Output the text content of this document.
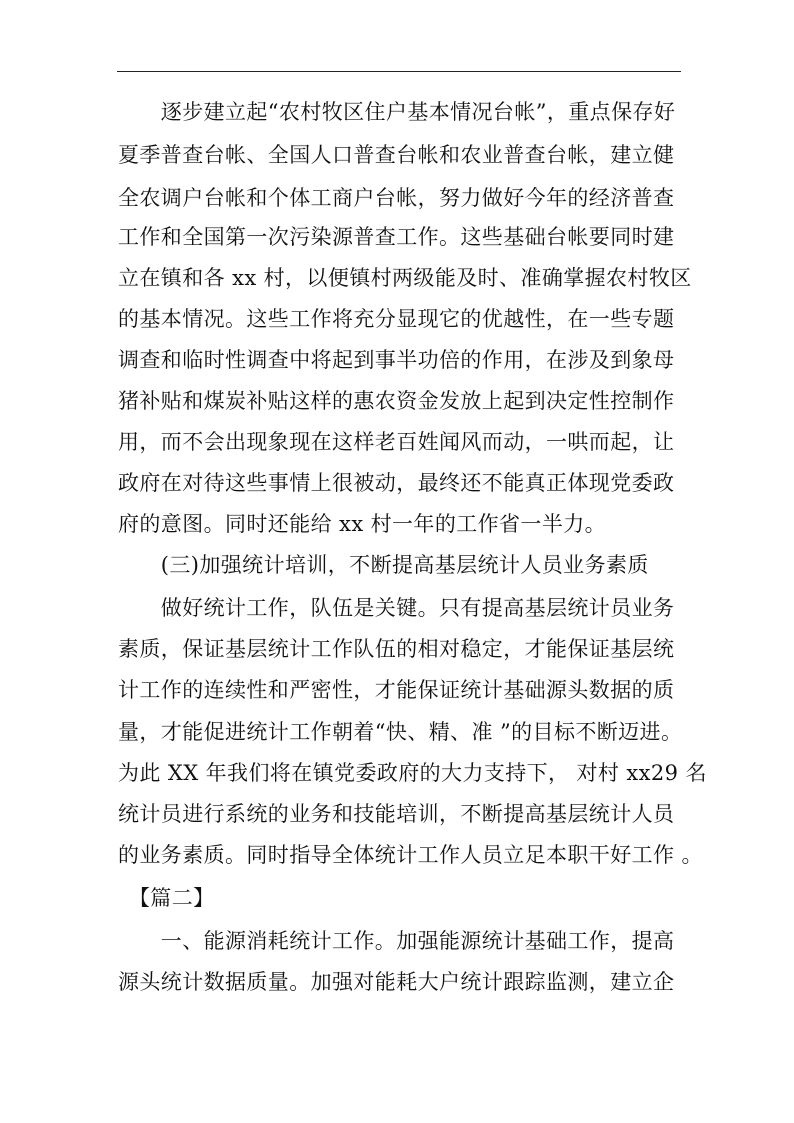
　　逐步建立起“农村牧区住户基本情况台帐”，重点保存好
夏季普查台帐、全国人口普查台帐和农业普查台帐，建立健
全农调户台帐和个体工商户台帐，努力做好今年的经济普查
工作和全国第一次污染源普查工作。这些基础台帐要同时建
立在镇和各 xx 村，以便镇村两级能及时、准确掌握农村牧区
的基本情况。这些工作将充分显现它的优越性，在一些专题
调查和临时性调查中将起到事半功倍的作用，在涉及到象母
猪补贴和煤炭补贴这样的惠农资金发放上起到决定性控制作
用，而不会出现象现在这样老百姓闻风而动，一哄而起，让
政府在对待这些事情上很被动，最终还不能真正体现党委政
府的意图。同时还能给 xx 村一年的工作省一半力。
　　(三)加强统计培训，不断提高基层统计人员业务素质
　　做好统计工作，队伍是关键。只有提高基层统计员业务
素质，保证基层统计工作队伍的相对稳定，才能保证基层统
计工作的连续性和严密性，才能保证统计基础源头数据的质
量，才能促进统计工作朝着“快、精、准 ”的目标不断迈进。
为此 XX 年我们将在镇党委政府的大力支持下， 对村 xx29 名
统计员进行系统的业务和技能培训，不断提高基层统计人员
的业务素质。同时指导全体统计工作人员立足本职干好工作 。
　【篇二】
　　一、能源消耗统计工作。加强能源统计基础工作，提高
源头统计数据质量。加强对能耗大户统计跟踪监测，建立企
